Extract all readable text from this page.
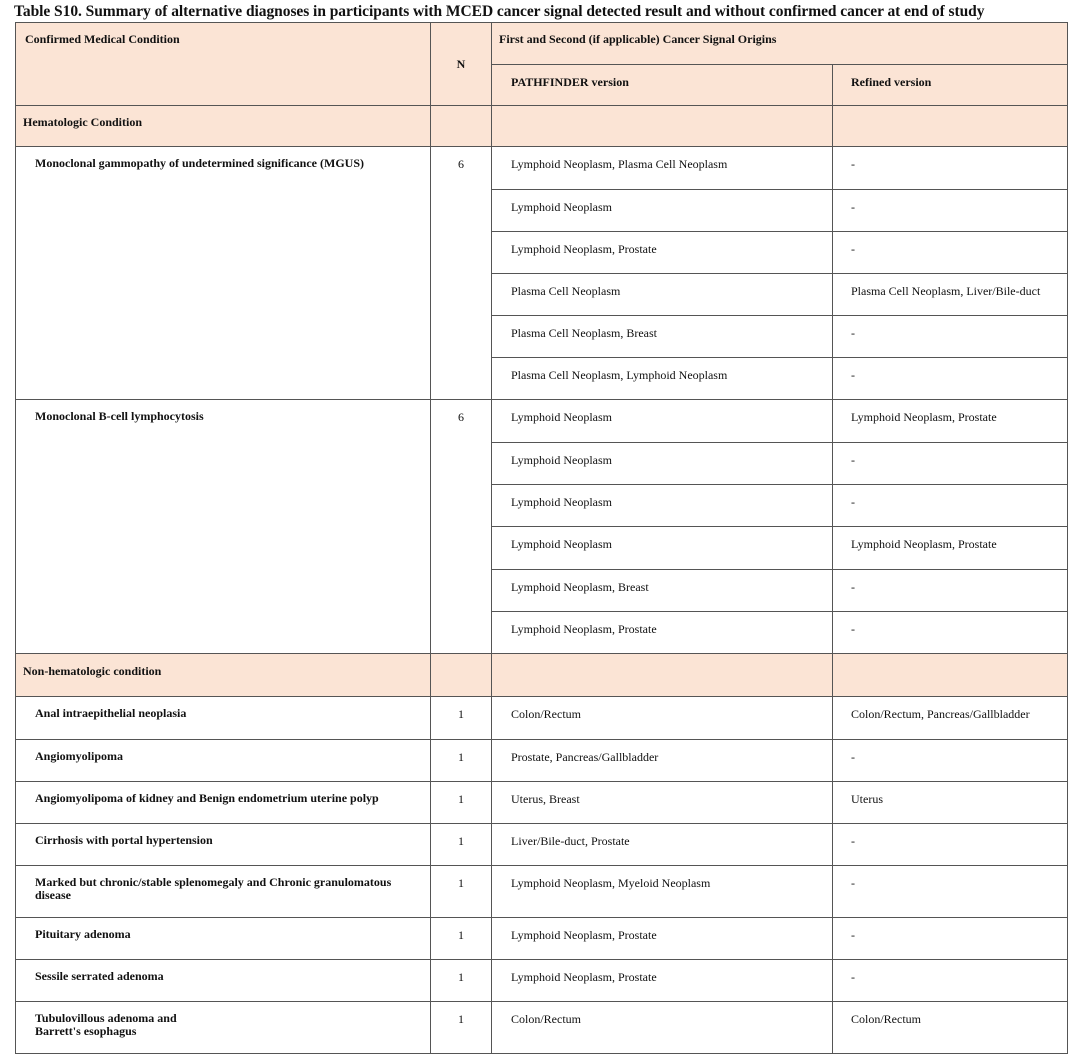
Table S10. Summary of alternative diagnoses in participants with MCED cancer signal detected result and without confirmed cancer at end of study
Confirmed Medical Condition	N	First and Second (if applicable) Cancer Signal Origins	
		PATHFINDER version	Refined version
Hematologic Condition			
Monoclonal gammopathy of undetermined significance (MGUS)	6	Lymphoid Neoplasm, Plasma Cell Neoplasm	-
		Lymphoid Neoplasm	-
		Lymphoid Neoplasm, Prostate	-
		Plasma Cell Neoplasm	Plasma Cell Neoplasm, Liver/Bile-duct
		Plasma Cell Neoplasm, Breast	-
		Plasma Cell Neoplasm, Lymphoid Neoplasm	-
Monoclonal B-cell lymphocytosis	6	Lymphoid Neoplasm	Lymphoid Neoplasm, Prostate
		Lymphoid Neoplasm	-
		Lymphoid Neoplasm	-
		Lymphoid Neoplasm	Lymphoid Neoplasm, Prostate
		Lymphoid Neoplasm, Breast	-
		Lymphoid Neoplasm, Prostate	-
Non-hematologic condition			
Anal intraepithelial neoplasia	1	Colon/Rectum	Colon/Rectum, Pancreas/Gallbladder
Angiomyolipoma	1	Prostate, Pancreas/Gallbladder	-
Angiomyolipoma of kidney and Benign endometrium uterine polyp	1	Uterus, Breast	Uterus
Cirrhosis with portal hypertension	1	Liver/Bile-duct, Prostate	-
Marked but chronic/stable splenomegaly and Chronic granulomatous disease	1	Lymphoid Neoplasm, Myeloid Neoplasm	-
Pituitary adenoma	1	Lymphoid Neoplasm, Prostate	-
Sessile serrated adenoma	1	Lymphoid Neoplasm, Prostate	-

Tubulovillous adenoma and
Barrett's esophagus	1	Colon/Rectum	Colon/Rectum
